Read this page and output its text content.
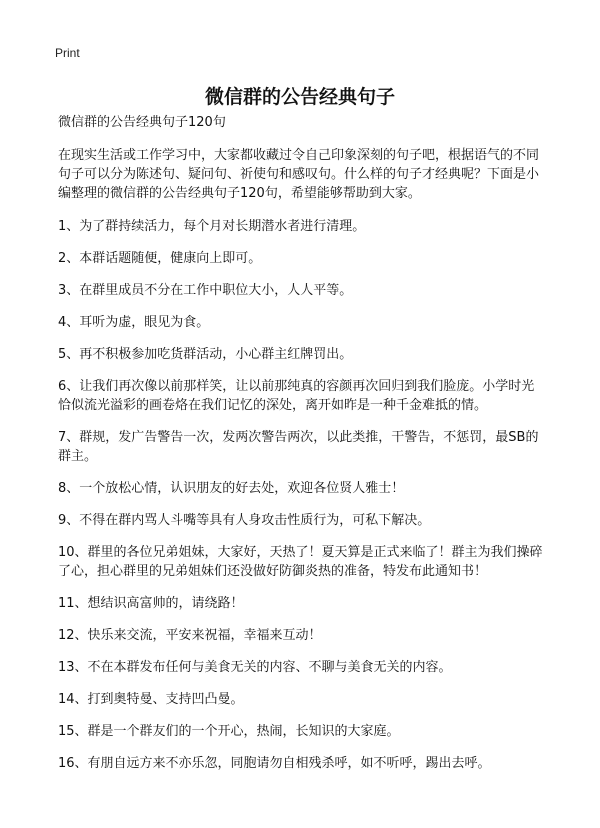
Print
微信群的公告经典句子

微信群的公告经典句子120句

在现实生活或工作学习中，大家都收藏过令自己印象深刻的句子吧，根据语气的不同句子可以分为陈述句、疑问句、祈使句和感叹句。什么样的句子才经典呢？下面是小编整理的微信群的公告经典句子120句，希望能够帮助到大家。

1、为了群持续活力，每个月对长期潜水者进行清理。

2、本群话题随便，健康向上即可。

3、在群里成员不分在工作中职位大小，人人平等。

4、耳听为虚，眼见为食。

5、再不积极参加吃货群活动，小心群主红牌罚出。

6、让我们再次像以前那样笑，让以前那纯真的容颜再次回归到我们脸庞。小学时光恰似流光溢彩的画卷烙在我们记忆的深处，离开如昨是一种千金难抵的情。

7、群规，发广告警告一次，发两次警告两次，以此类推，干警告，不惩罚，最SB的群主。

8、一个放松心情，认识朋友的好去处，欢迎各位贤人雅士！

9、不得在群内骂人斗嘴等具有人身攻击性质行为，可私下解决。

10、群里的各位兄弟姐妹，大家好，天热了！夏天算是正式来临了！群主为我们操碎了心，担心群里的兄弟姐妹们还没做好防御炎热的准备，特发布此通知书！

11、想结识高富帅的，请绕路！

12、快乐来交流，平安来祝福，幸福来互动！

13、不在本群发布任何与美食无关的内容、不聊与美食无关的内容。

14、打到奥特曼、支持凹凸曼。

15、群是一个群友们的一个开心，热闹，长知识的大家庭。

16、有朋自远方来不亦乐忽，同胞请勿自相残杀呼，如不听呼，踢出去呼。
